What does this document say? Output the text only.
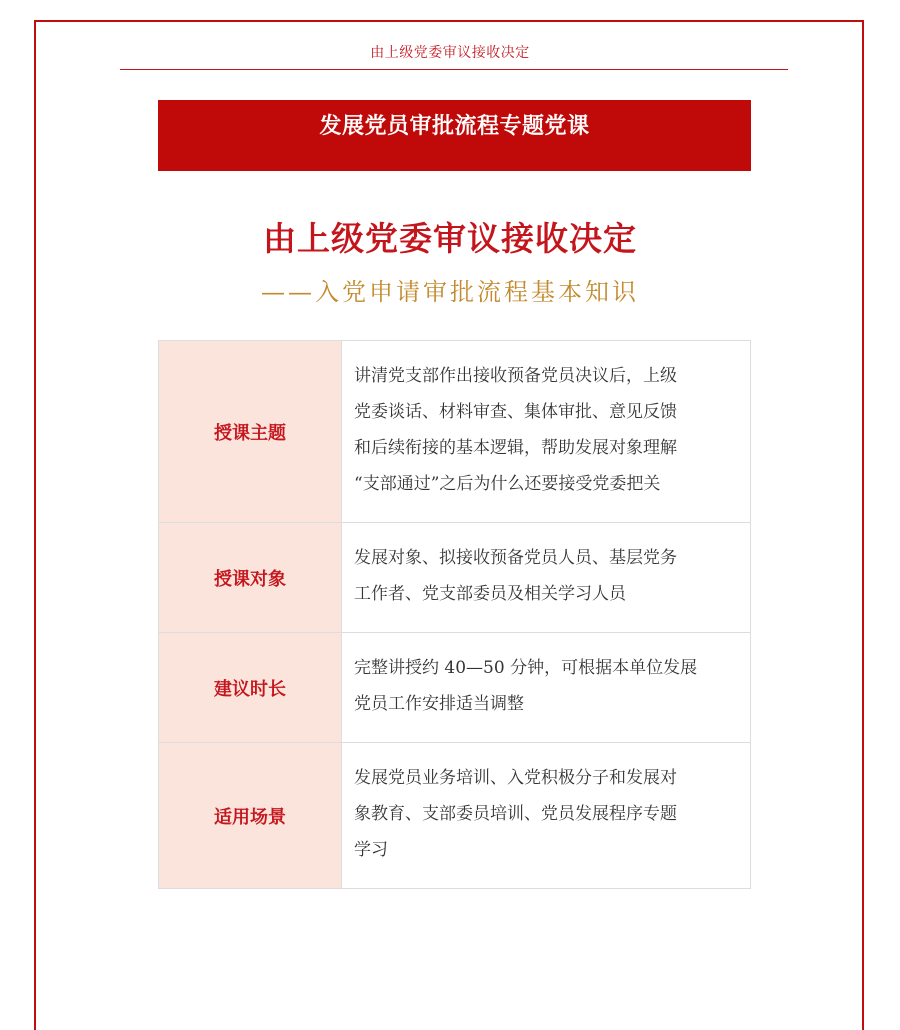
由上级党委审议接收决定
发展党员审批流程专题党课
由上级党委审议接收决定
——入党申请审批流程基本知识
授课主题	讲清党支部作出接收预备党员决议后，上级
党委谈话、材料审查、集体审批、意见反馈
和后续衔接的基本逻辑，帮助发展对象理解
“支部通过”之后为什么还要接受党委把关

授课对象	发展对象、拟接收预备党员人员、基层党务
工作者、党支部委员及相关学习人员

建议时长	完整讲授约 40—50 分钟，可根据本单位发展
党员工作安排适当调整

适用场景	发展党员业务培训、入党积极分子和发展对
象教育、支部委员培训、党员发展程序专题
学习
